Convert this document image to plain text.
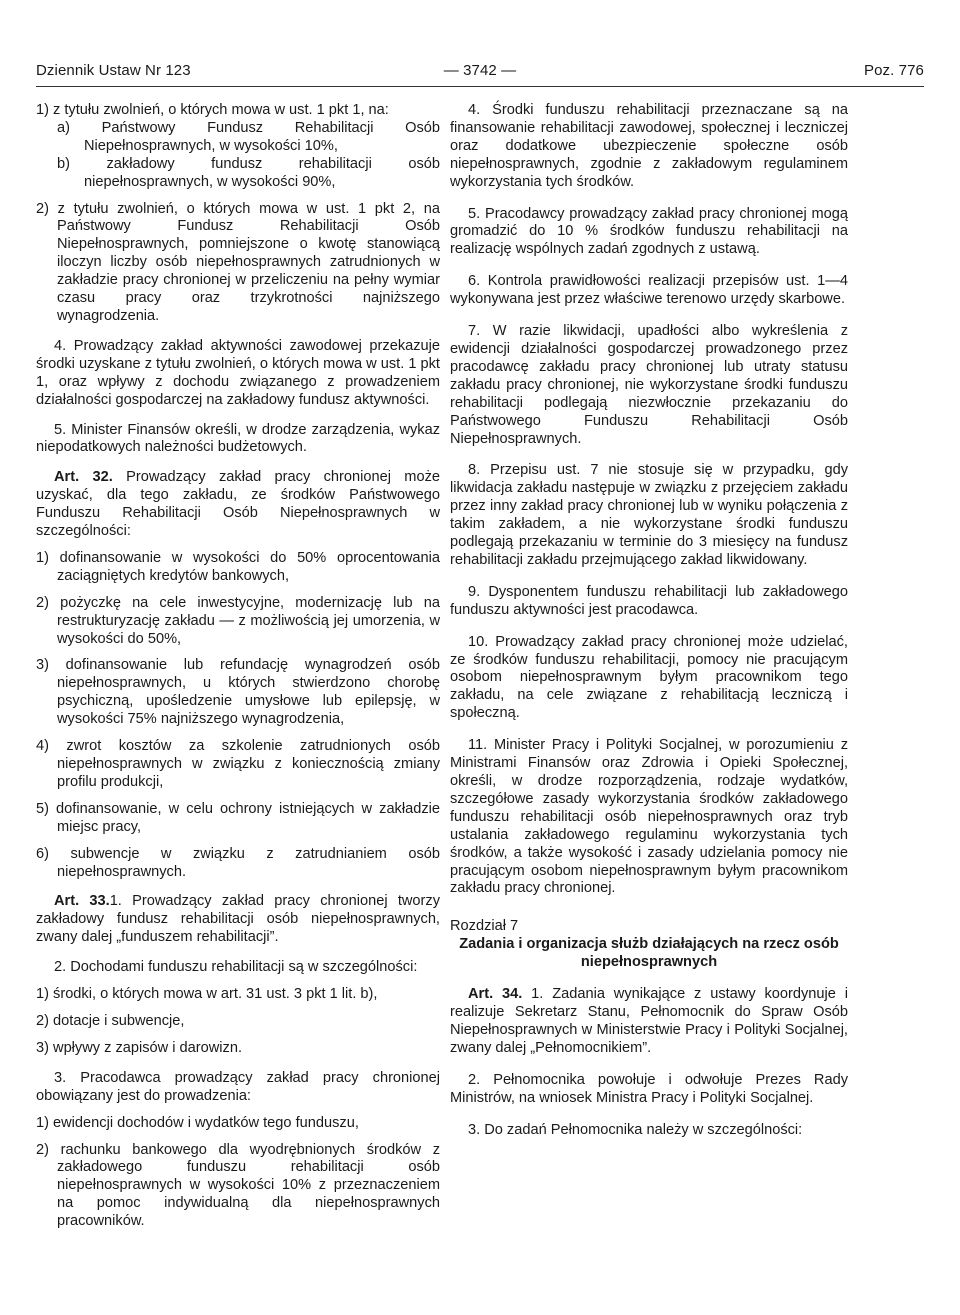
Dziennik Ustaw Nr 123	— 3742 —	Poz. 776

1) z tytułu zwolnień, o których mowa w ust. 1 pkt 1, na:

a) Państwowy Fundusz Rehabilitacji Osób Niepełnosprawnych, w wysokości 10%,

b) zakładowy fundusz rehabilitacji osób niepełnosprawnych, w wysokości 90%,

2) z tytułu zwolnień, o których mowa w ust. 1 pkt 2, na Państwowy Fundusz Rehabilitacji Osób Niepełnosprawnych, pomniejszone o kwotę stanowiącą iloczyn liczby osób niepełnosprawnych zatrudnionych w zakładzie pracy chronionej w przeliczeniu na pełny wymiar czasu pracy oraz trzykrotności najniższego wynagrodzenia.

4. Prowadzący zakład aktywności zawodowej przekazuje środki uzyskane z tytułu zwolnień, o których mowa w ust. 1 pkt 1, oraz wpływy z dochodu związanego z prowadzeniem działalności gospodarczej na zakładowy fundusz aktywności.

5. Minister Finansów określi, w drodze zarządzenia, wykaz niepodatkowych należności budżetowych.

Art. 32. Prowadzący zakład pracy chronionej może uzyskać, dla tego zakładu, ze środków Państwowego Funduszu Rehabilitacji Osób Niepełnosprawnych w szczególności:

1) dofinansowanie w wysokości do 50% oprocentowania zaciągniętych kredytów bankowych,

2) pożyczkę na cele inwestycyjne, modernizację lub na restrukturyzację zakładu — z możliwością jej umorzenia, w wysokości do 50%,

3) dofinansowanie lub refundację wynagrodzeń osób niepełnosprawnych, u których stwierdzono chorobę psychiczną, upośledzenie umysłowe lub epilepsję, w wysokości 75% najniższego wynagrodzenia,

4) zwrot kosztów za szkolenie zatrudnionych osób niepełnosprawnych w związku z koniecznością zmiany profilu produkcji,

5) dofinansowanie, w celu ochrony istniejących w zakładzie miejsc pracy,

6) subwencje w związku z zatrudnianiem osób niepełnosprawnych.

Art. 33.1. Prowadzący zakład pracy chronionej tworzy zakładowy fundusz rehabilitacji osób niepełnosprawnych, zwany dalej „funduszem rehabilitacji”.

2. Dochodami funduszu rehabilitacji są w szczególności:

1) środki, o których mowa w art. 31 ust. 3 pkt 1 lit. b),

2) dotacje i subwencje,

3) wpływy z zapisów i darowizn.

3. Pracodawca prowadzący zakład pracy chronionej obowiązany jest do prowadzenia:

1) ewidencji dochodów i wydatków tego funduszu,

2) rachunku bankowego dla wyodrębnionych środków z zakładowego funduszu rehabilitacji osób niepełnosprawnych w wysokości 10% z przeznaczeniem na pomoc indywidualną dla niepełnosprawnych pracowników.

4. Środki funduszu rehabilitacji przeznaczane są na finansowanie rehabilitacji zawodowej, społecznej i leczniczej oraz dodatkowe ubezpieczenie społeczne osób niepełnosprawnych, zgodnie z zakładowym regulaminem wykorzystania tych środków.

5. Pracodawcy prowadzący zakład pracy chronionej mogą gromadzić do 10 % środków funduszu rehabilitacji na realizację wspólnych zadań zgodnych z ustawą.

6. Kontrola prawidłowości realizacji przepisów ust. 1—4 wykonywana jest przez właściwe terenowo urzędy skarbowe.

7. W razie likwidacji, upadłości albo wykreślenia z ewidencji działalności gospodarczej prowadzonego przez pracodawcę zakładu pracy chronionej lub utraty statusu zakładu pracy chronionej, nie wykorzystane środki funduszu rehabilitacji podlegają niezwłocznie przekazaniu do Państwowego Funduszu Rehabilitacji Osób Niepełnosprawnych.

8. Przepisu ust. 7 nie stosuje się w przypadku, gdy likwidacja zakładu następuje w związku z przejęciem zakładu przez inny zakład pracy chronionej lub w wyniku połączenia z takim zakładem, a nie wykorzystane środki funduszu podlegają przekazaniu w terminie do 3 miesięcy na fundusz rehabilitacji zakładu przejmującego zakład likwidowany.

9. Dysponentem funduszu rehabilitacji lub zakładowego funduszu aktywności jest pracodawca.

10. Prowadzący zakład pracy chronionej może udzielać, ze środków funduszu rehabilitacji, pomocy nie pracującym osobom niepełnosprawnym byłym pracownikom tego zakładu, na cele związane z rehabilitacją leczniczą i społeczną.

11. Minister Pracy i Polityki Socjalnej, w porozumieniu z Ministrami Finansów oraz Zdrowia i Opieki Społecznej, określi, w drodze rozporządzenia, rodzaje wydatków, szczegółowe zasady wykorzystania środków zakładowego funduszu rehabilitacji osób niepełnosprawnych oraz tryb ustalania zakładowego regulaminu wykorzystania tych środków, a także wysokość i zasady udzielania pomocy nie pracującym osobom niepełnosprawnym byłym pracownikom zakładu pracy chronionej.

Rozdział 7

Zadania i organizacja służb działających na rzecz osób niepełnosprawnych

Art. 34. 1. Zadania wynikające z ustawy koordynuje i realizuje Sekretarz Stanu, Pełnomocnik do Spraw Osób Niepełnosprawnych w Ministerstwie Pracy i Polityki Socjalnej, zwany dalej „Pełnomocnikiem”.

2. Pełnomocnika powołuje i odwołuje Prezes Rady Ministrów, na wniosek Ministra Pracy i Polityki Socjalnej.

3. Do zadań Pełnomocnika należy w szczególności:
